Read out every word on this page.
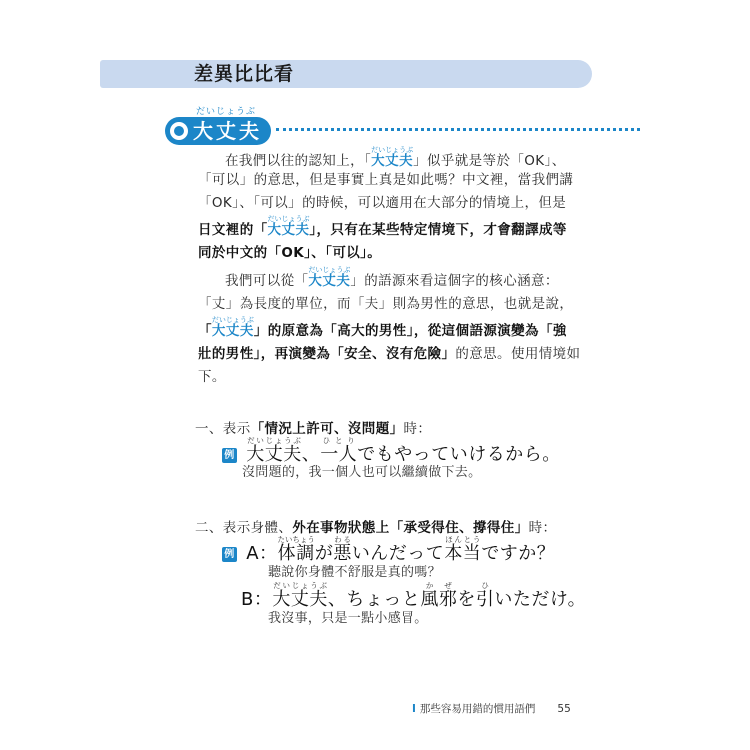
差異比比看
だいじょうぶ
大丈夫
在我們以往的認知上，「大丈夫だいじょうぶ」似乎就是等於「OK」、
「可以」的意思，但是事實上真是如此嗎？中文裡，當我們講
「OK」、「可以」的時候，可以適用在大部分的情境上，但是
日文裡的「大丈夫だいじょうぶ」，只有在某些特定情境下，才會翻譯成等
同於中文的「OK」、「可以」。
我們可以從「大丈夫だいじょうぶ」的語源來看這個字的核心涵意：
「丈」為長度的單位，而「夫」則為男性的意思，也就是說，
「大丈夫だいじょうぶ」的原意為「高大的男性」，從這個語源演變為「強
壯的男性」，再演變為「安全、沒有危險」的意思。使用情境如
下。
一、表示「情況上許可、沒問題」時：
例 大丈夫だいじょうぶ、一人ひとりでもやっていけるから。
沒問題的，我一個人也可以繼續做下去。
二、表示身體、外在事物狀態上「承受得住、撐得住」時：
例 A：体調たいちょうが悪わるいんだって本当ほんとうですか？
聽說你身體不舒服是真的嗎？
B：大丈夫だいじょうぶ、ちょっと風邪かぜを引ひいただけ。
我沒事，只是一點小感冒。
I 那些容易用錯的慣用語們 55
